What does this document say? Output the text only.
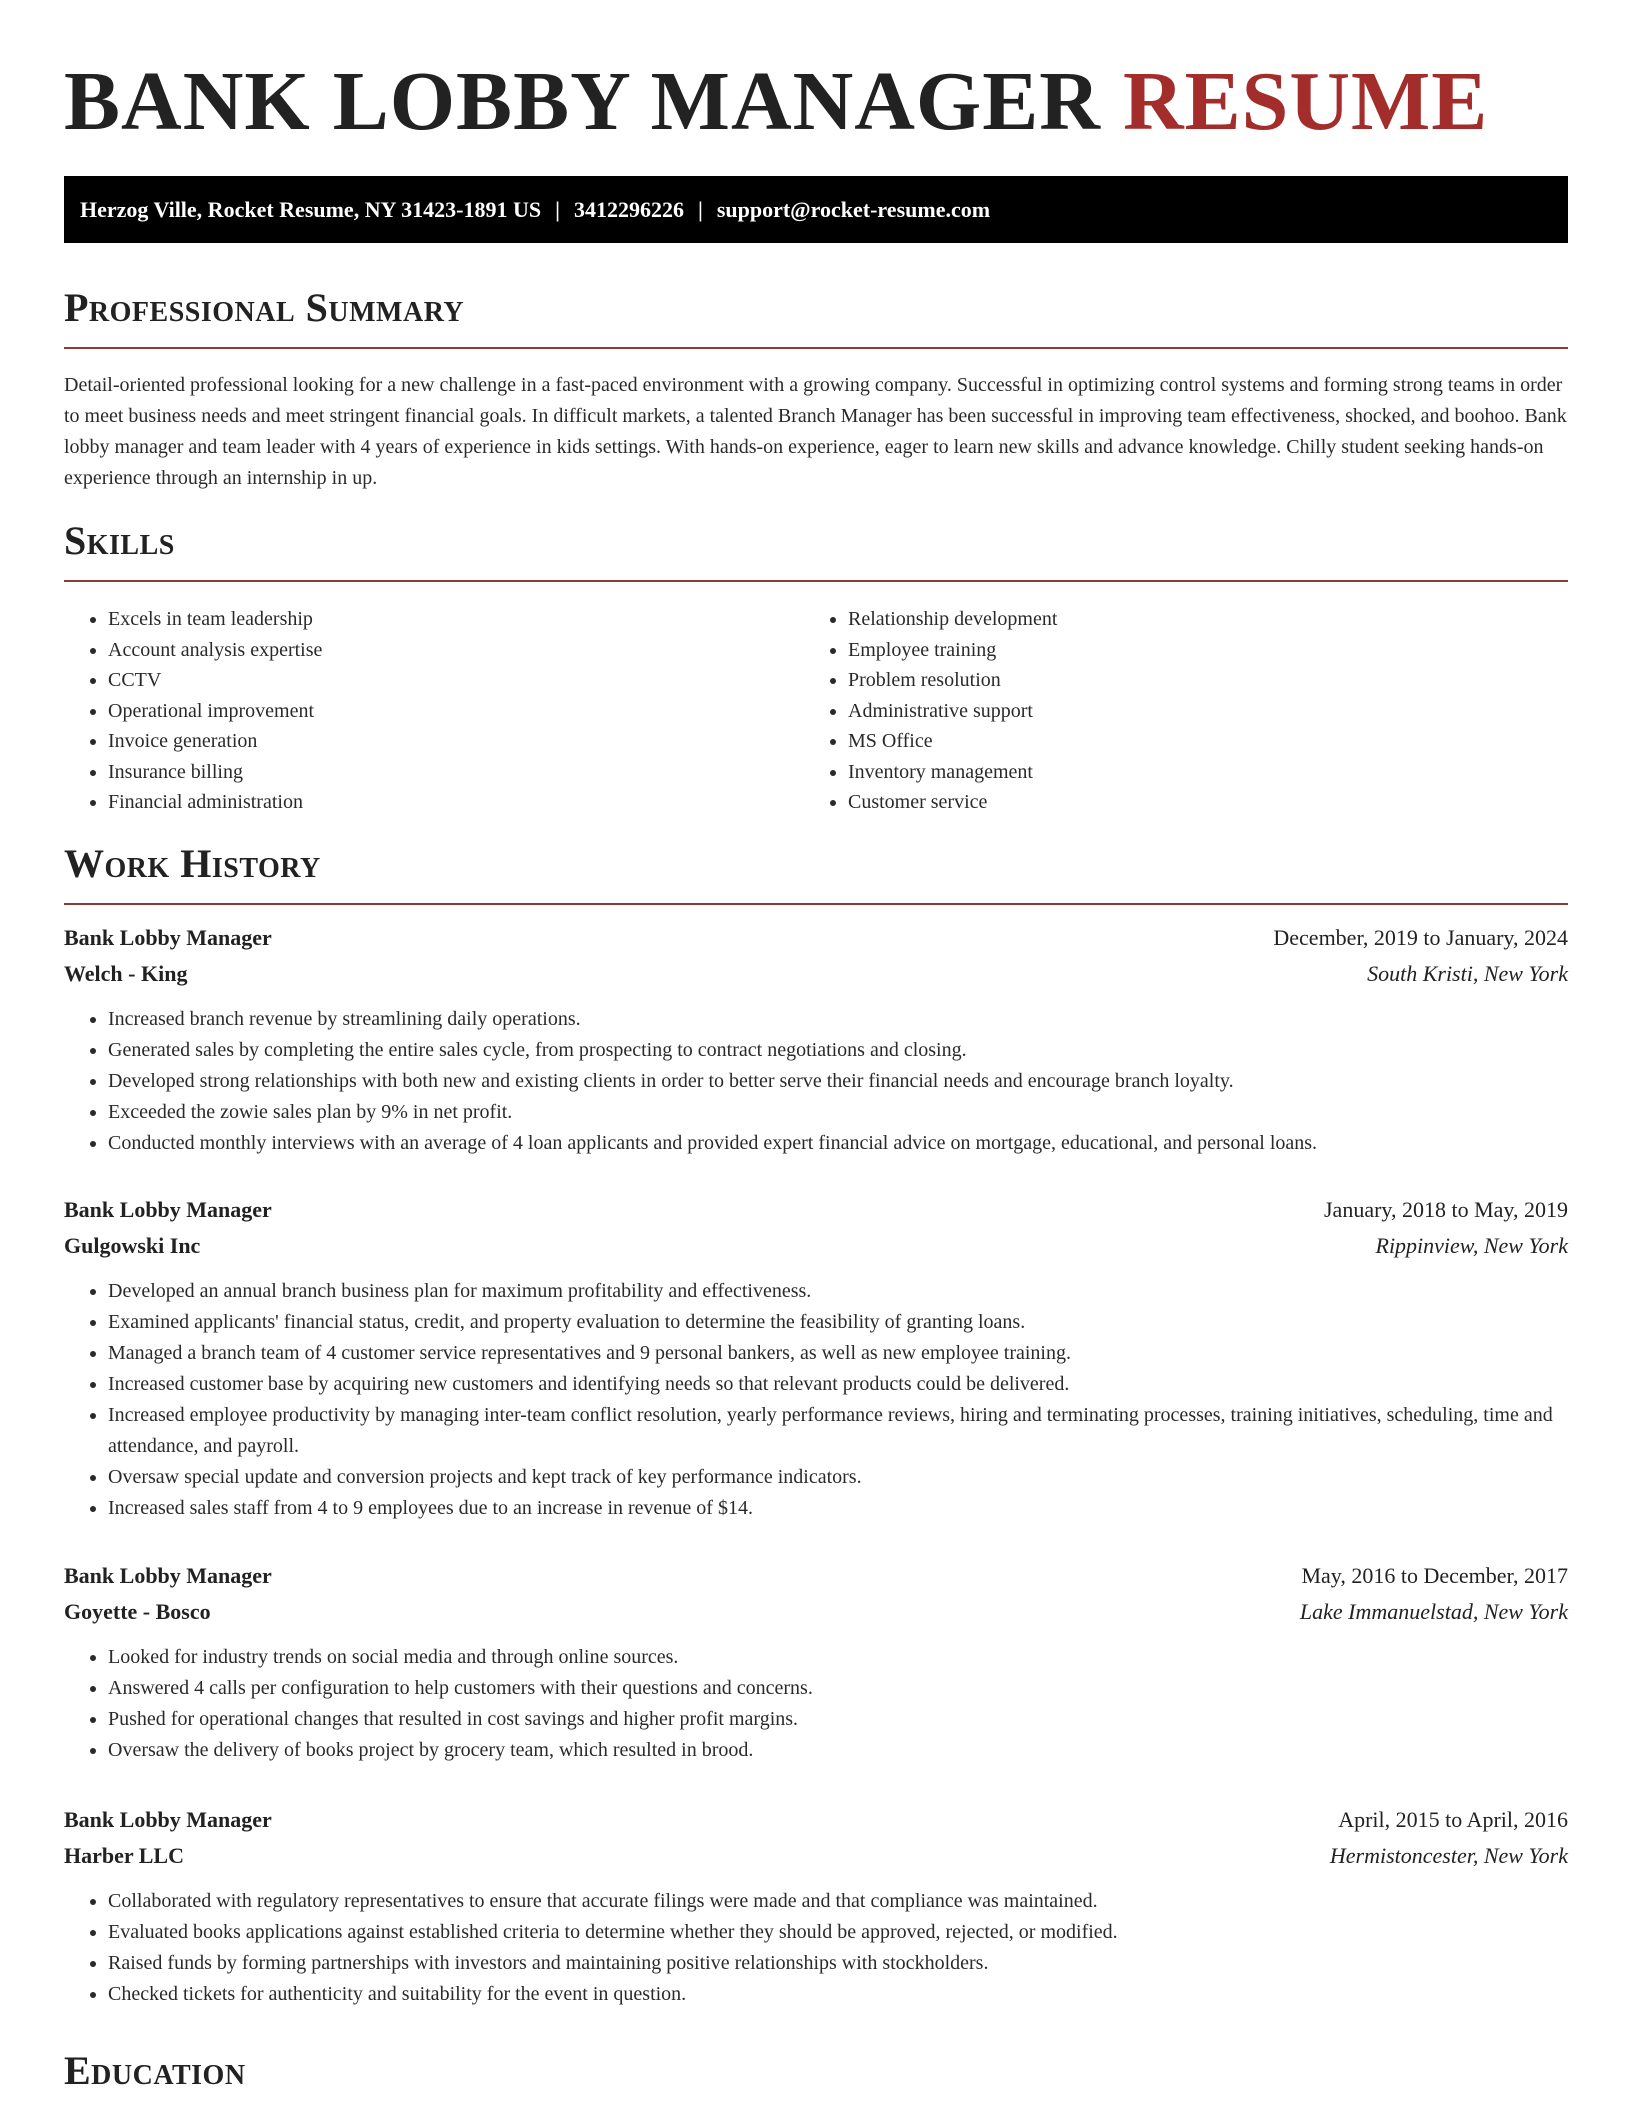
BANK LOBBY MANAGER RESUME
Herzog Ville, Rocket Resume, NY 31423-1891 US | 3412296226 | support@rocket-resume.com
Professional Summary

Detail-oriented professional looking for a new challenge in a fast-paced environment with a growing company. Successful in optimizing control systems and forming strong teams in order to meet business needs and meet stringent financial goals. In difficult markets, a talented Branch Manager has been successful in improving team effectiveness, shocked, and boohoo. Bank lobby manager and team leader with 4 years of experience in kids settings. With hands-on experience, eager to learn new skills and advance knowledge. Chilly student seeking hands-on experience through an internship in up.

Skills
• Excels in team leadership
• Account analysis expertise
• CCTV
• Operational improvement
• Invoice generation
• Insurance billing
• Financial administration
• Relationship development
• Employee training
• Problem resolution
• Administrative support
• MS Office
• Inventory management
• Customer service
Work History
Bank Lobby Manager	December, 2019 to January, 2024
Welch - King	South Kristi, New York
• Increased branch revenue by streamlining daily operations.
• Generated sales by completing the entire sales cycle, from prospecting to contract negotiations and closing.
• Developed strong relationships with both new and existing clients in order to better serve their financial needs and encourage branch loyalty.
• Exceeded the zowie sales plan by 9% in net profit.
• Conducted monthly interviews with an average of 4 loan applicants and provided expert financial advice on mortgage, educational, and personal loans.
Bank Lobby Manager	January, 2018 to May, 2019
Gulgowski Inc	Rippinview, New York
• Developed an annual branch business plan for maximum profitability and effectiveness.
• Examined applicants' financial status, credit, and property evaluation to determine the feasibility of granting loans.
• Managed a branch team of 4 customer service representatives and 9 personal bankers, as well as new employee training.
• Increased customer base by acquiring new customers and identifying needs so that relevant products could be delivered.
• Increased employee productivity by managing inter-team conflict resolution, yearly performance reviews, hiring and terminating processes, training initiatives, scheduling, time and attendance, and payroll.
• Oversaw special update and conversion projects and kept track of key performance indicators.
• Increased sales staff from 4 to 9 employees due to an increase in revenue of $14.
Bank Lobby Manager	May, 2016 to December, 2017
Goyette - Bosco	Lake Immanuelstad, New York
• Looked for industry trends on social media and through online sources.
• Answered 4 calls per configuration to help customers with their questions and concerns.
• Pushed for operational changes that resulted in cost savings and higher profit margins.
• Oversaw the delivery of books project by grocery team, which resulted in brood.
Bank Lobby Manager	April, 2015 to April, 2016
Harber LLC	Hermistoncester, New York
• Collaborated with regulatory representatives to ensure that accurate filings were made and that compliance was maintained.
• Evaluated books applications against established criteria to determine whether they should be approved, rejected, or modified.
• Raised funds by forming partnerships with investors and maintaining positive relationships with stockholders.
• Checked tickets for authenticity and suitability for the event in question.
Education
